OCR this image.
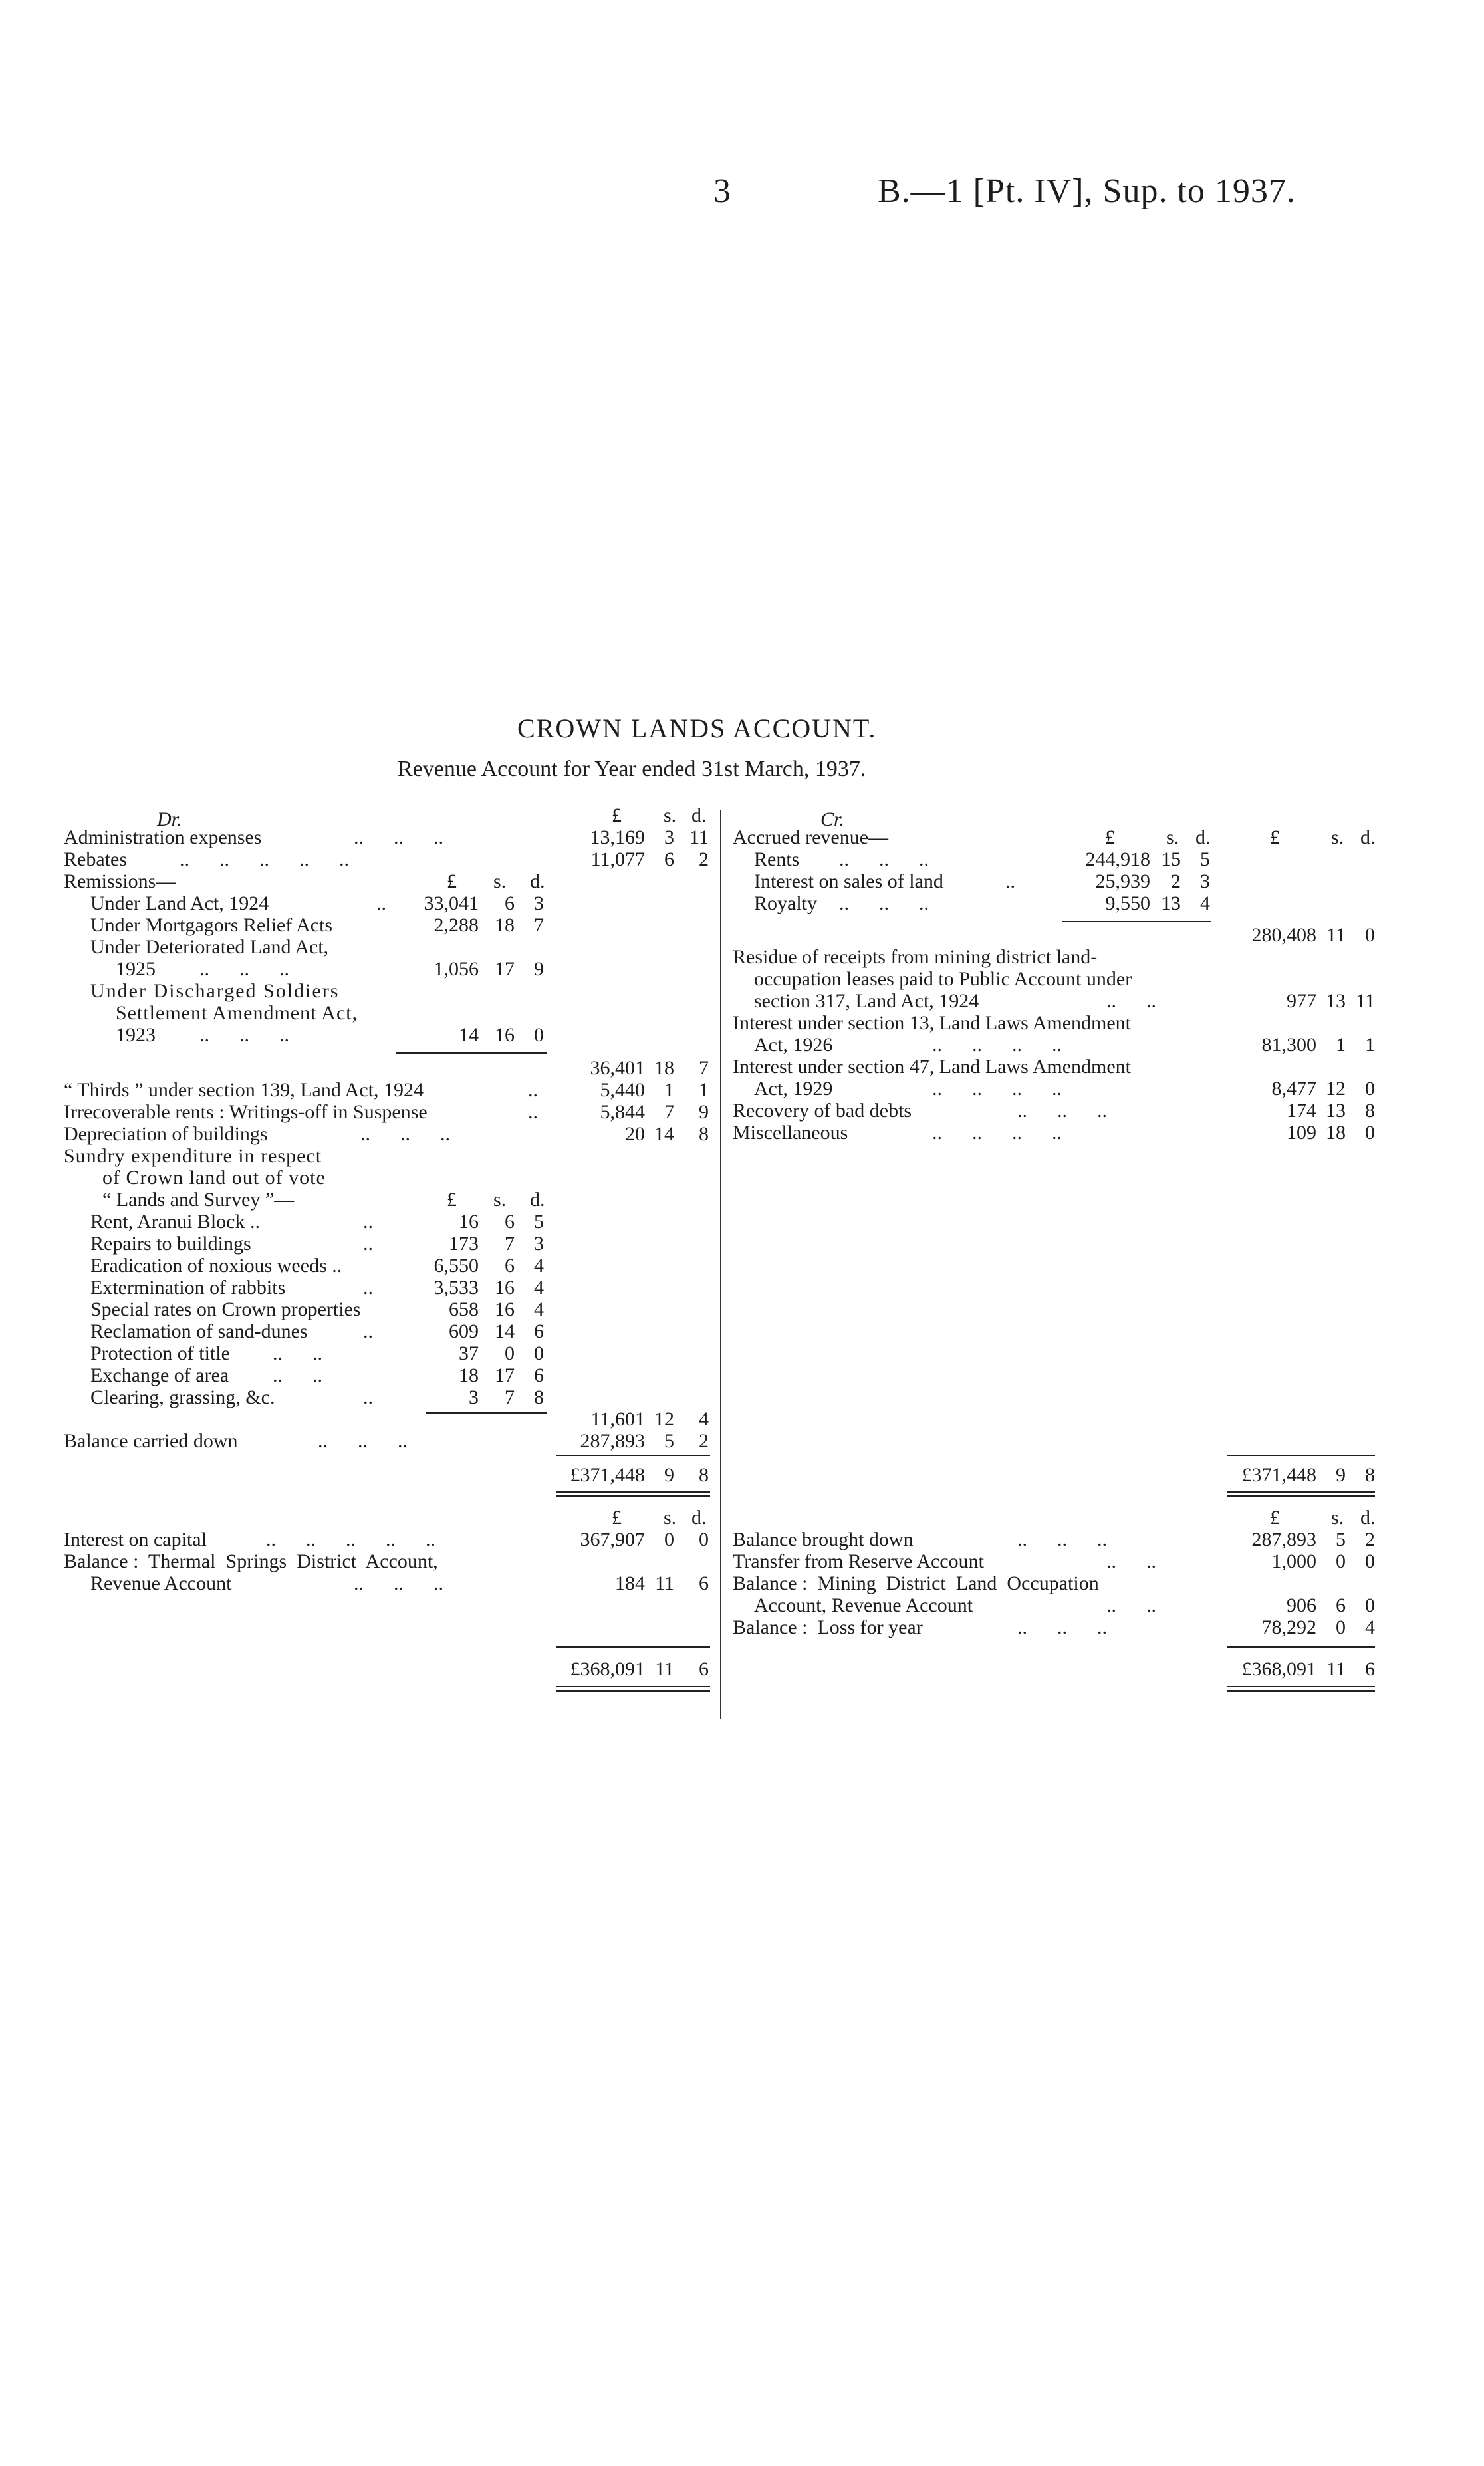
3	B.—1 [Pt. IV], Sup. to 1937.
CROWN LANDS ACCOUNT.
Revenue Account for Year ended 31st March, 1937.
Dr.	£ s. d.
Administration expenses	..      ..      ..	13,169 3 11
Rebates	..      ..      ..      ..      ..	11,077 6	2
Remissions—	£ s. d.
Under Land Act, 1924	..	33,041	6 3
Under Mortgagors Relief Acts	2,288 18 7
Under Deteriorated Land Act,
1925 ..      ..      ..	1,056 17 9
Under Discharged Soldiers
Settlement Amendment Act,
1923 ..      ..      ..	14 16 0
36,401 18	7
“ Thirds ” under section 139, Land Act, 1924	..	5,440 1	1
Irrecoverable rents : Writings-off in Suspense	..	5,844 7	9
Depreciation of buildings	..      ..      ..	20 14	8
Sundry expenditure in respect
of Crown land out of vote
“ Lands and Survey ”—	£ s. d.
Rent, Aranui Block ..	..	16	6 5
Repairs to buildings	..	173	7 3
Eradication of noxious weeds ..	6,550	6 4
Extermination of rabbits	..	3,533 16 4
Special rates on Crown properties	658 16 4
Reclamation of sand-dunes	..	609 14 6
Protection of title ..      ..	37	0 0
Exchange of area ..      ..	18 17 6
Clearing, grassing, &c.	..	3	7 8
11,601 12	4
Balance carried down	..      ..      ..	287,893 5	2
£371,448 9	8
Cr.
Accrued revenue—	£	s. d.	£	s. d.
Rents ..      ..      ..	244,918 15 5
Interest on sales of land	..	25,939	2 3
Royalty ..      ..      ..	9,550 13 4
280,408 11 0
Residue of receipts from mining district land-
occupation leases paid to Public Account under
section 317, Land Act, 1924	..      ..	977 13 11
Interest under section 13, Land Laws Amendment
Act, 1926	..      ..      ..      ..	81,300 1 1
Interest under section 47, Land Laws Amendment
Act, 1929	..      ..      ..      ..	8,477 12 0
Recovery of bad debts	..      ..      ..	174 13 8
Miscellaneous	..      ..      ..      ..	109 18 0
£371,448 9 8
£ s. d.
Interest on capital	..      ..      ..      ..      ..	367,907 0	0
Balance :  Thermal  Springs  District  Account,
Revenue Account	..      ..      ..	184 11	6
£368,091 11	6
£	s. d.
Balance brought down	..      ..      ..	287,893 5 2
Transfer from Reserve Account	..      ..	1,000 0 0
Balance :  Mining  District  Land  Occupation
Account, Revenue Account	..      ..	906 6 0
Balance :  Loss for year	..      ..      ..	78,292 0 4
£368,091 11 6
